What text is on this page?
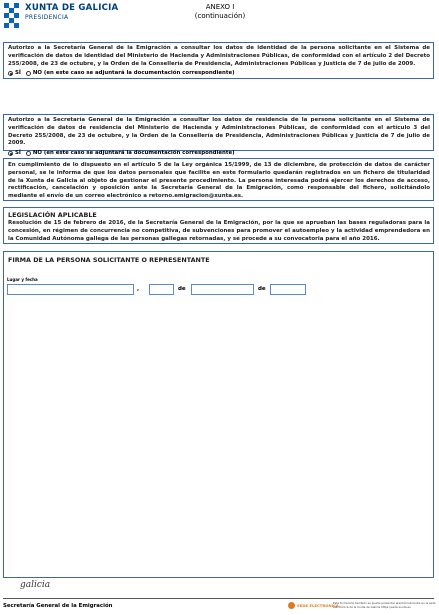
XUNTA DE GALICIA
PRESIDENCIA
ANEXO I
(continuación)
Autorizo a la Secretaría General de la Emigración a consultar los datos de identidad de la persona solicitante en el Sistema de verificación de datos de identidad del Ministerio de Hacienda y Administraciones Públicas, de conformidad con el artículo 2 del Decreto 255/2008, de 23 de octubre, y la Orden de la Consellería de Presidencia, Administraciones Públicas y Justicia de 7 de julio de 2009.
SÍ NO (en este caso se adjuntará la documentación correspondiente)
Autorizo a la Secretaría General de la Emigración a consultar los datos de residencia de la persona solicitante en el Sistema de verificación de datos de residencia del Ministerio de Hacienda y Administraciones Públicas, de conformidad con el artículo 3 del Decreto 255/2008, de 23 de octubre, y la Orden de la Consellería de Presidencia, Administraciones Públicas y Justicia de 7 de julio de 2009.
SÍ NO (en este caso se adjuntará la documentación correspondiente)
En cumplimiento de lo dispuesto en el artículo 5 de la Ley orgánica 15/1999, de 13 de diciembre, de protección de datos de carácter personal, se le informa de que los datos personales que facilite en este formulario quedarán registrados en un fichero de titularidad de la Xunta de Galicia al objeto de gestionar el presente procedimiento. La persona interesada podrá ejercer los derechos de acceso, rectificación, cancelación y oposición ante la Secretaría General de la Emigración, como responsable del fichero, solicitándolo mediante el envío de un correo electrónico a retorno.emigracion@xunta.es.
LEGISLACIÓN APLICABLE
Resolución de 15 de febrero de 2016, de la Secretaría General de la Emigración, por la que se aprueban las bases reguladoras para la concesión, en régimen de concurrencia no competitiva, de subvenciones para promover el autoempleo y la actividad emprendedora en la Comunidad Autónoma gallega de las personas gallegas retornadas, y se procede a su convocatoria para el año 2016.
FIRMA DE LA PERSONA SOLICITANTE O REPRESENTANTE
Lugar y fecha
,	de	de
galicia
Secretaría General de la Emigración	SEDE ELECTRÓNICA
Este formulario también se puede presentar electrónicamente en la sede electrónica de la Xunta de Galicia https://sede.xunta.es
